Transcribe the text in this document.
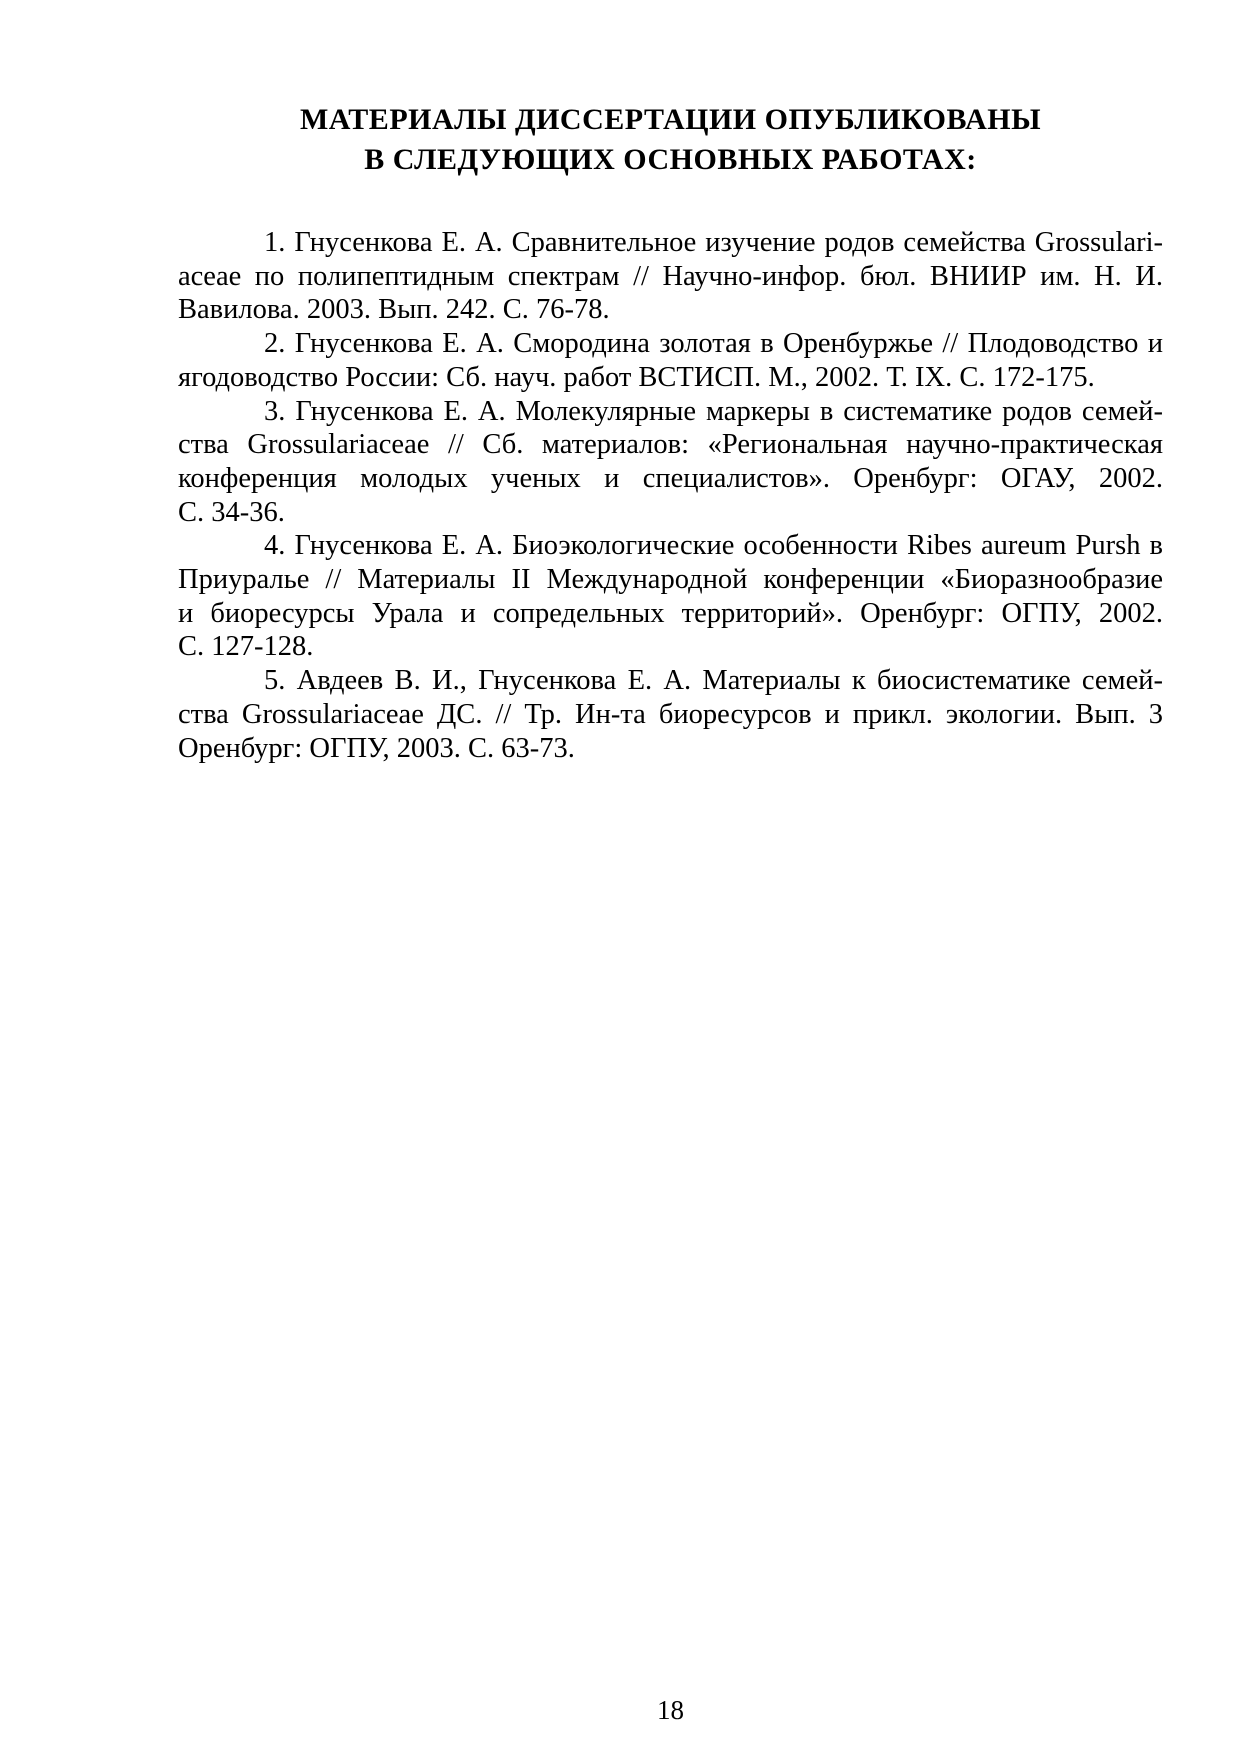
МАТЕРИАЛЫ ДИССЕРТАЦИИ ОПУБЛИКОВАНЫ
В СЛЕДУЮЩИХ ОСНОВНЫХ РАБОТАХ:

1. Гнусенкова Е. А. Сравнительное изучение родов семейства Grossulari-
aceae по полипептидным спектрам // Научно-инфор. бюл. ВНИИР им. Н. И.
Вавилова. 2003. Вып. 242. С. 76-78.

2. Гнусенкова Е. А. Смородина золотая в Оренбуржье // Плодоводство и
ягодоводство России: Сб. науч. работ ВСТИСП. М., 2002. Т. IX. С. 172-175.

3. Гнусенкова Е. А. Молекулярные маркеры в систематике родов семей-
ства Grossulariaceae // Сб. материалов: «Региональная научно-практическая
конференция молодых ученых и специалистов». Оренбург: ОГАУ, 2002.
С. 34-36.

4. Гнусенкова Е. А. Биоэкологические особенности Ribes aureum Pursh в
Приуралье // Материалы II Международной конференции «Биоразнообразие
и биоресурсы Урала и сопредельных территорий». Оренбург: ОГПУ, 2002.
С. 127-128.

5. Авдеев В. И., Гнусенкова Е. А. Материалы к биосистематике семей-
ства Grossulariaceae ДС. // Тр. Ин-та биоресурсов и прикл. экологии. Вып. 3
Оренбург: ОГПУ, 2003. С. 63-73.

18
